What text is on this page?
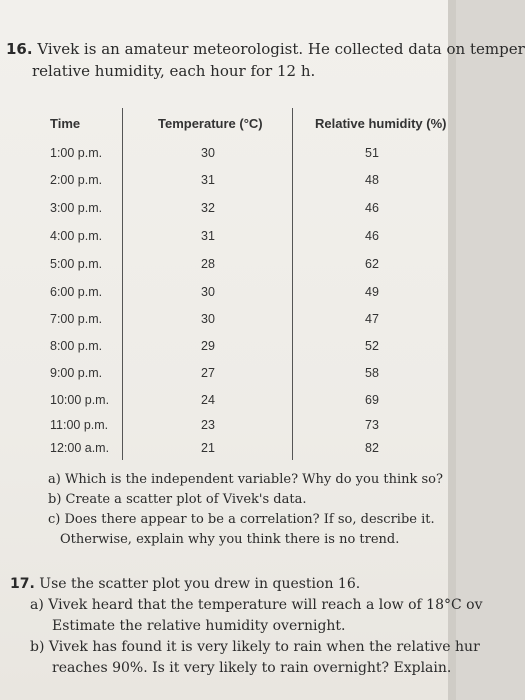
16. Vivek is an amateur meteorologist. He collected data on temper
relative humidity, each hour for 12 h.
Time	Temperature (°C)	Relative humidity (%)
1:00 p.m.	30	51
2:00 p.m.	31	48
3:00 p.m.	32	46
4:00 p.m.	31	46
5:00 p.m.	28	62
6:00 p.m.	30	49
7:00 p.m.	30	47
8:00 p.m.	29	52
9:00 p.m.	27	58
10:00 p.m.	24	69
11:00 p.m.	23	73
12:00 a.m.	21	82
a) Which is the independent variable? Why do you think so?
b) Create a scatter plot of Vivek's data.
c) Does there appear to be a correlation? If so, describe it.
Otherwise, explain why you think there is no trend.
17. Use the scatter plot you drew in question 16.
a) Vivek heard that the temperature will reach a low of 18°C ov
Estimate the relative humidity overnight.
b) Vivek has found it is very likely to rain when the relative hur
reaches 90%. Is it very likely to rain overnight? Explain.
